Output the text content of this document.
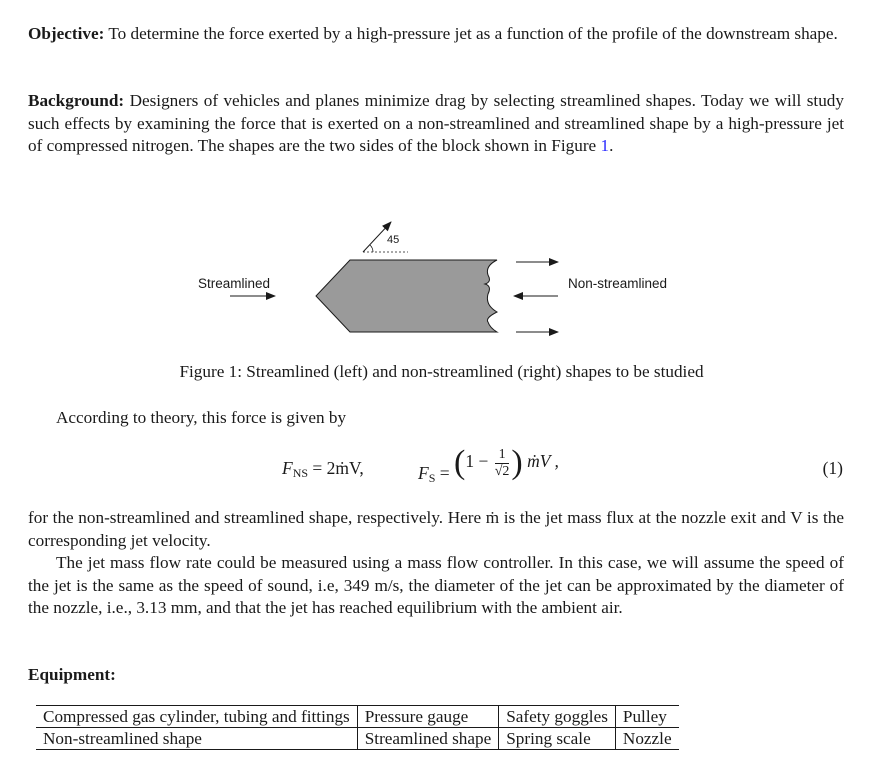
Objective: To determine the force exerted by a high-pressure jet as a function of the profile of the downstream shape.

Background: Designers of vehicles and planes minimize drag by selecting streamlined shapes. Today we will study such effects by examining the force that is exerted on a non-streamlined and streamlined shape by a high-pressure jet of compressed nitrogen. The shapes are the two sides of the block shown in Figure 1.

45
Streamlined	Non-streamlined
Figure 1: Streamlined (left) and non-streamlined (right) shapes to be studied

According to theory, this force is given by

$F_{NS}$ = 2ṁV,	$F_S = (1 - \frac{1}{√2}$ ) ṁV ,	(1)

for the non-streamlined and streamlined shape, respectively. Here ṁ is the jet mass flux at the nozzle exit and V is the corresponding jet velocity.

The jet mass flow rate could be measured using a mass flow controller. In this case, we will assume the speed of the jet is the same as the speed of sound, i.e, 349 m/s, the diameter of the jet can be approximated by the diameter of the nozzle, i.e., 3.13 mm, and that the jet has reached equilibrium with the ambient air.

Equipment:
Compressed gas cylinder, tubing and fittings	Pressure gauge	Safety goggles	Pulley
Non-streamlined shape	Streamlined shape	Spring scale	Nozzle
